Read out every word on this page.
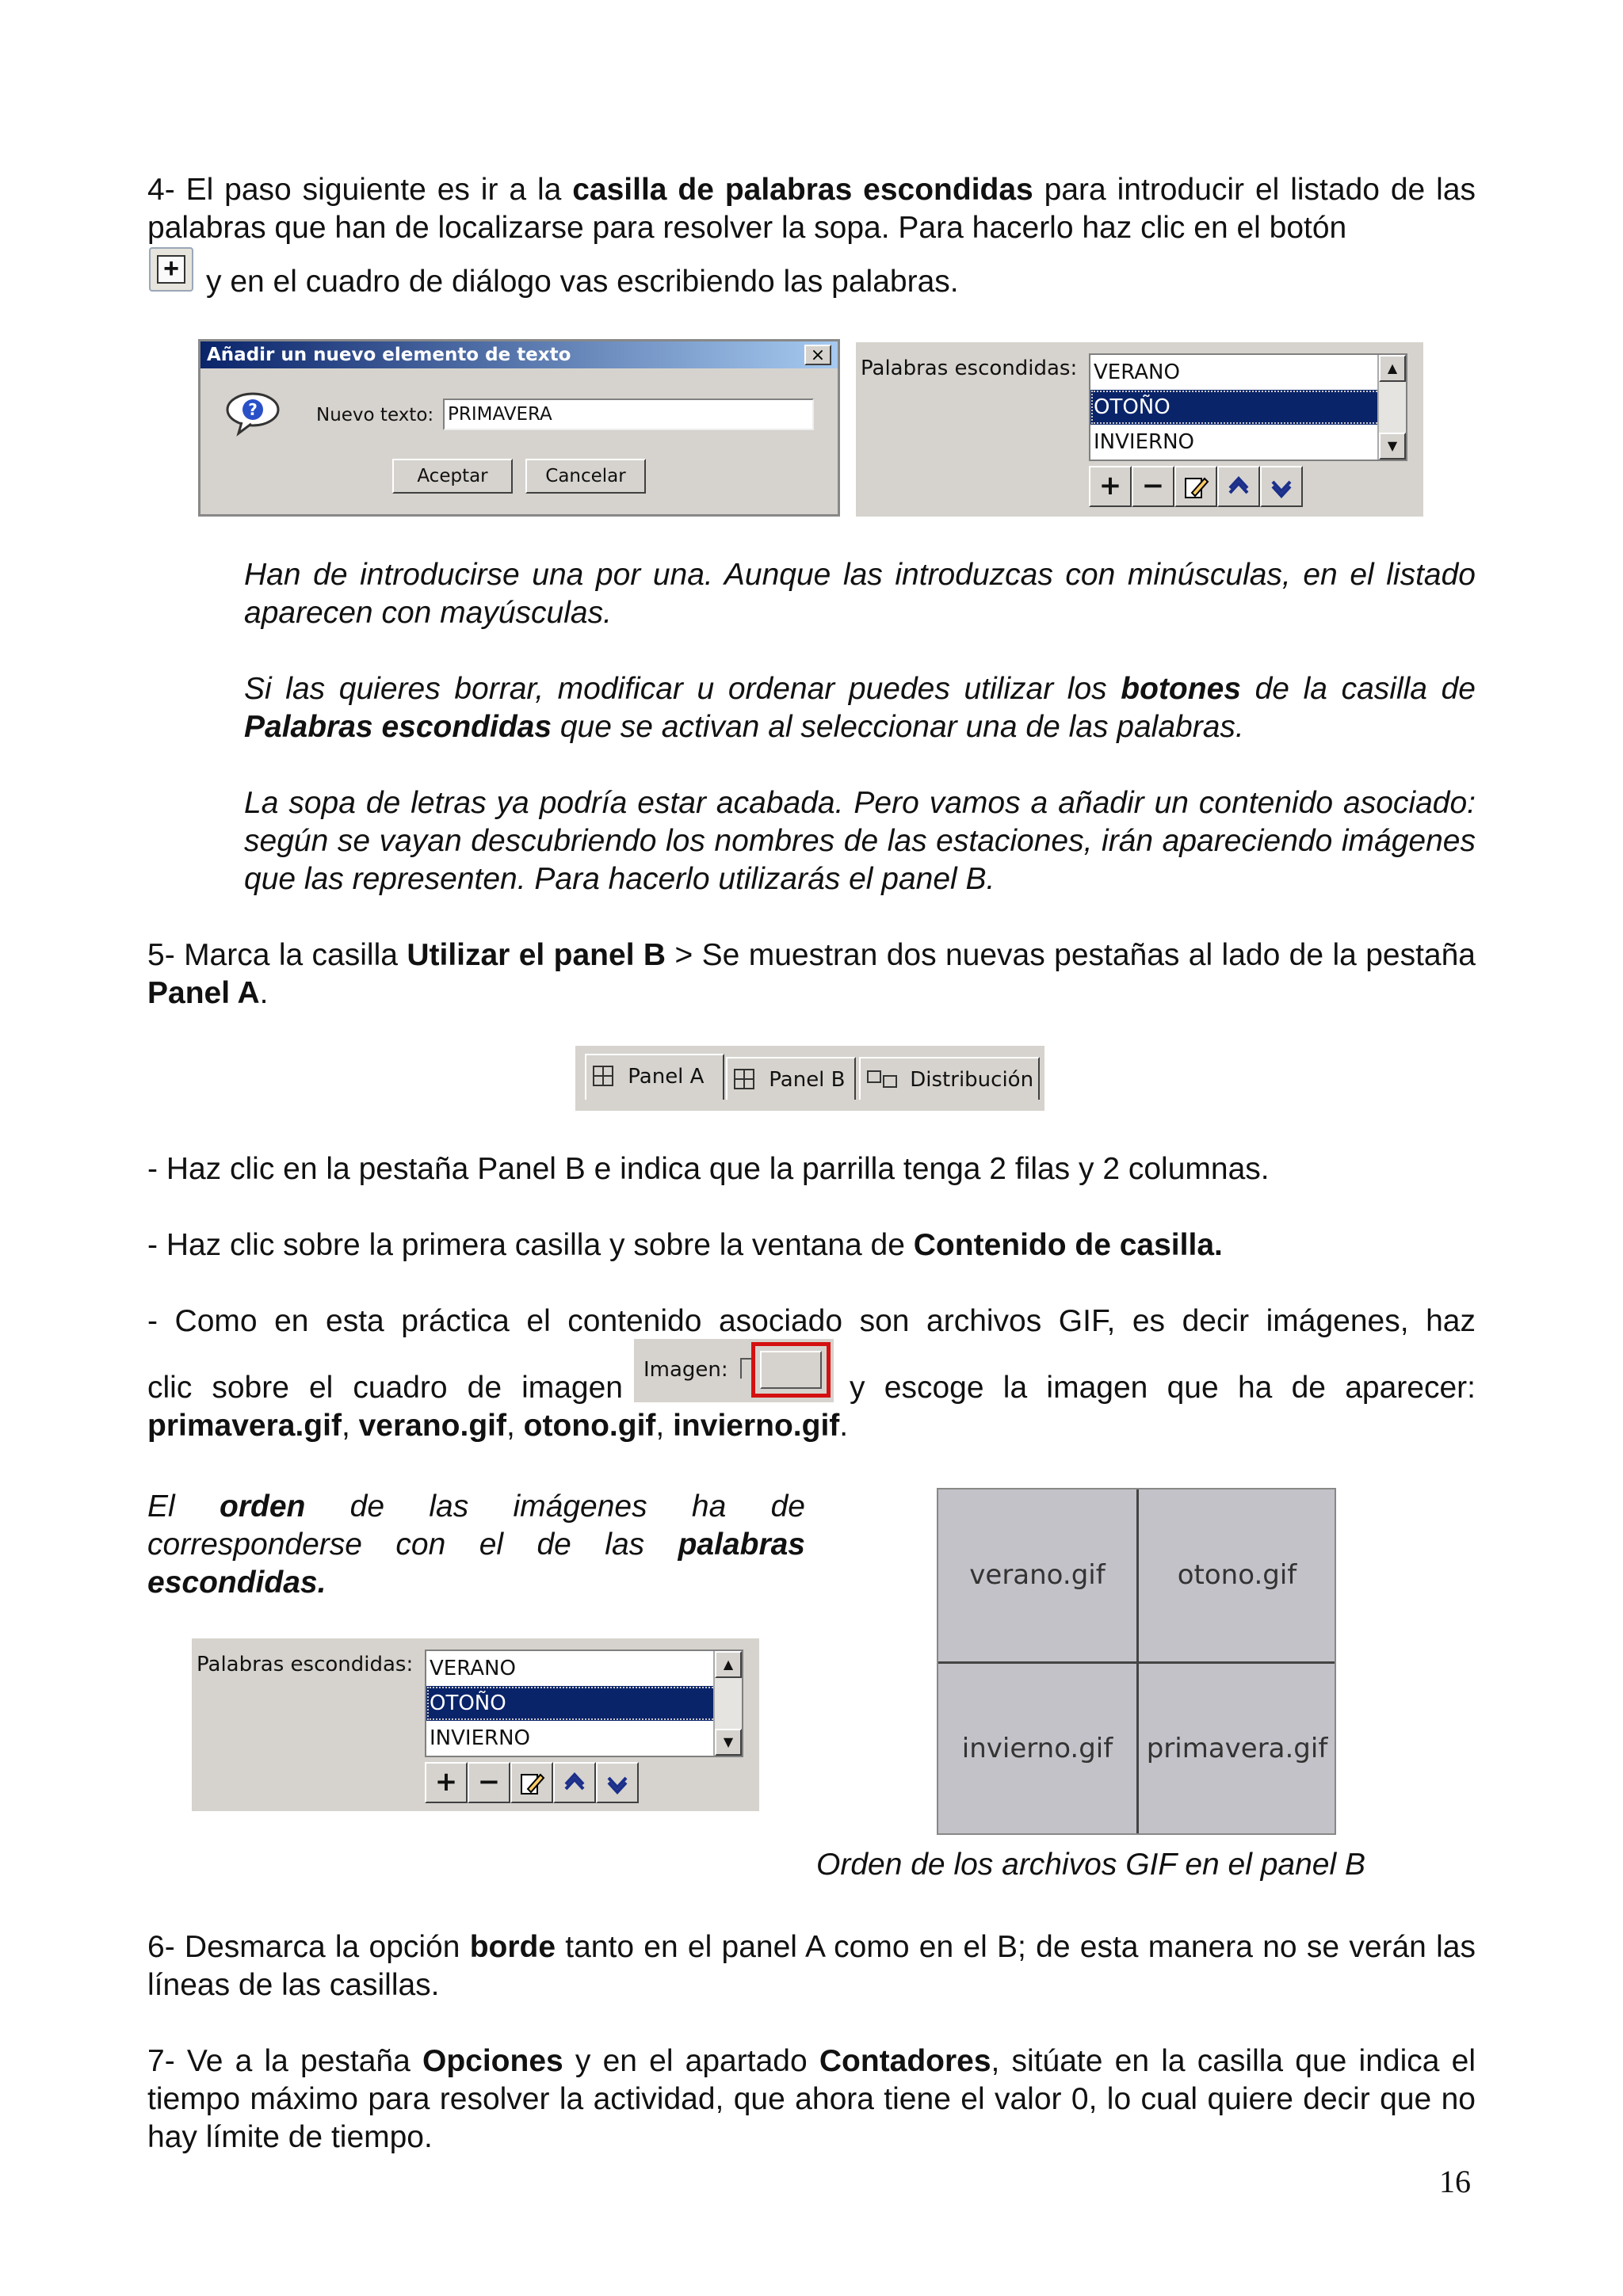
4- El paso siguiente es ir a la casilla de palabras escondidas para introducir el listado de las palabras que han de localizarse para resolver la sopa. Para hacerlo haz clic en el botón
+ y en el cuadro de diálogo vas escribiendo las palabras.
Añadir un nuevo elemento de texto	×
?	Nuevo texto: PRIMAVERA
Aceptar	Cancelar
Palabras escondidas: VERANO
OTOÑO
INVIERNO
▲
▼
+ −
Han de introducirse una por una. Aunque las introduzcas con minúsculas, en el listado aparecen con mayúsculas.
Si las quieres borrar, modificar u ordenar puedes utilizar los botones de la casilla de Palabras escondidas que se activan al seleccionar una de las palabras.
La sopa de letras ya podría estar acabada. Pero vamos a añadir un contenido asociado: según se vayan descubriendo los nombres de las estaciones, irán apareciendo imágenes que las representen. Para hacerlo utilizarás el panel B.
5- Marca la casilla Utilizar el panel B > Se muestran dos nuevas pestañas al lado de la pestaña Panel A.
Panel A	Panel B	Distribución
- Haz clic en la pestaña Panel B e indica que la parrilla tenga 2 filas y 2 columnas.
- Haz clic sobre la primera casilla y sobre la ventana de Contenido de casilla.
- Como en esta práctica el contenido asociado son archivos GIF, es decir imágenes, haz
clic sobre el cuadro de imagen
Imagen:
y escoge la imagen que ha de aparecer:
primavera.gif, verano.gif, otono.gif, invierno.gif.
El orden de las imágenes ha de corresponderse con el de las palabras escondidas.
Palabras escondidas: VERANO
OTOÑO
INVIERNO
▲
▼
+ −
verano.gif	otono.gif
invierno.gif	primavera.gif
Orden de los archivos GIF en el panel B
6- Desmarca la opción borde tanto en el panel A como en el B; de esta manera no se verán las líneas de las casillas.
7- Ve a la pestaña Opciones y en el apartado Contadores, sitúate en la casilla que indica el tiempo máximo para resolver la actividad, que ahora tiene el valor 0, lo cual quiere decir que no hay límite de tiempo.
16
